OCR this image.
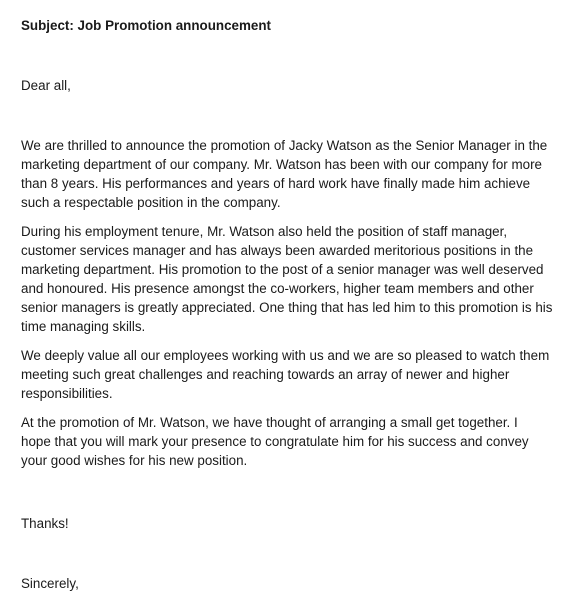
Subject: Job Promotion announcement
Dear all,

We are thrilled to announce the promotion of Jacky Watson as the Senior Manager in the
marketing department of our company. Mr. Watson has been with our company for more
than 8 years. His performances and years of hard work have finally made him achieve
such a respectable position in the company.

During his employment tenure, Mr. Watson also held the position of staff manager,
customer services manager and has always been awarded meritorious positions in the
marketing department. His promotion to the post of a senior manager was well deserved
and honoured. His presence amongst the co-workers, higher team members and other
senior managers is greatly appreciated. One thing that has led him to this promotion is his
time managing skills.

We deeply value all our employees working with us and we are so pleased to watch them
meeting such great challenges and reaching towards an array of newer and higher
responsibilities.

At the promotion of Mr. Watson, we have thought of arranging a small get together. I
hope that you will mark your presence to congratulate him for his success and convey
your good wishes for his new position.

Thanks!
Sincerely,
